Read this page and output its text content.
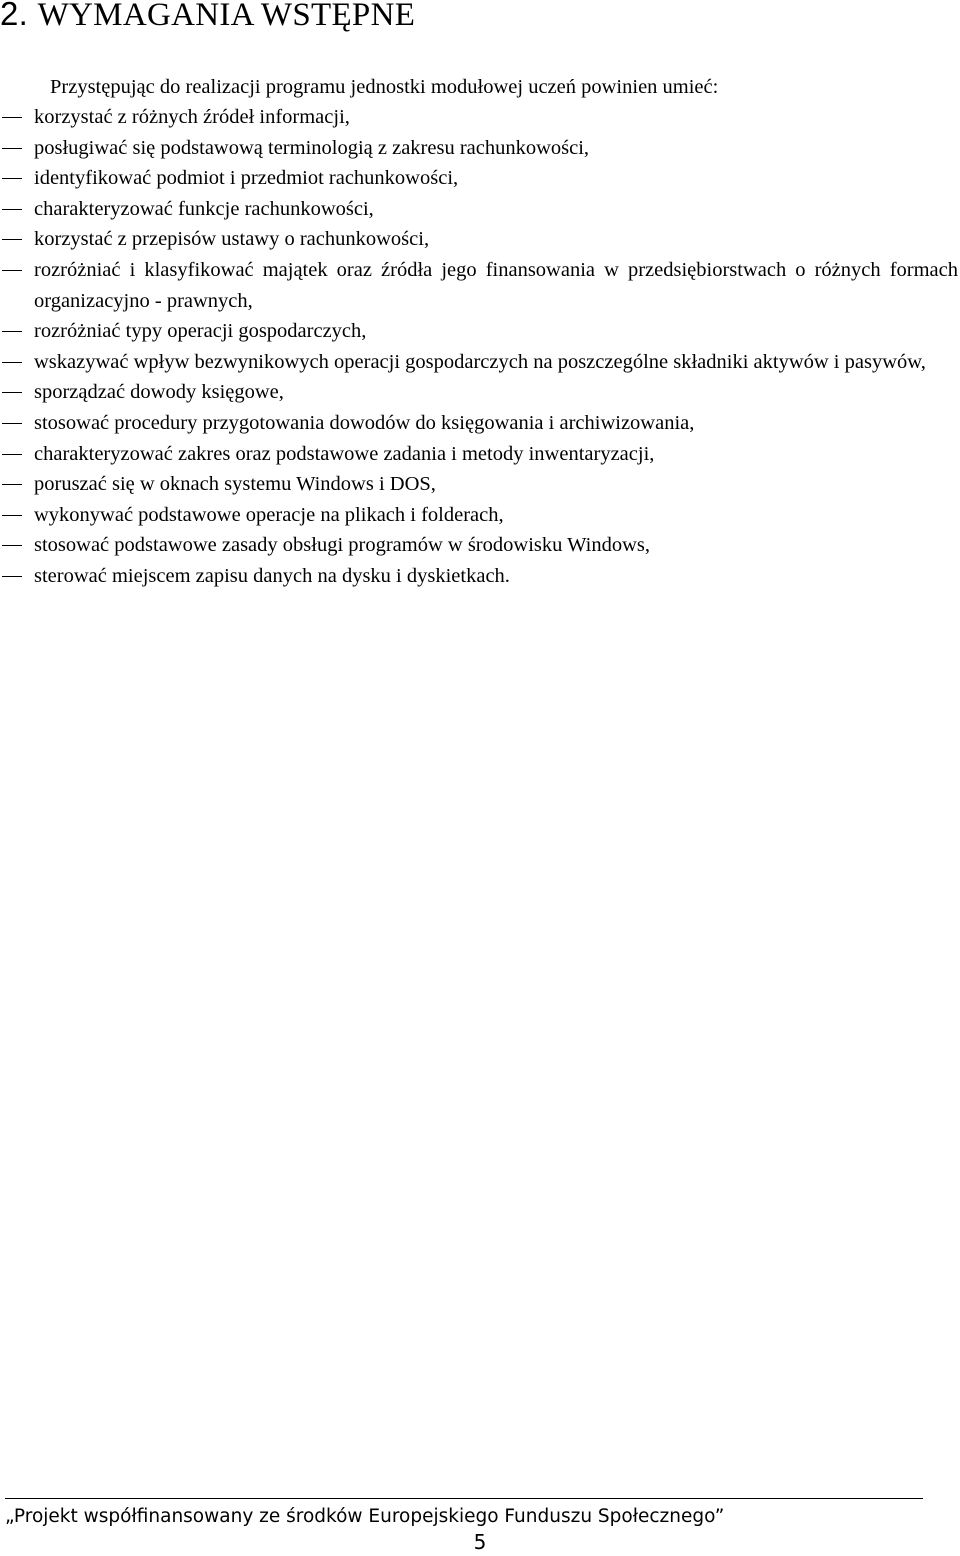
2. WYMAGANIA WSTĘPNE

Przystępując do realizacji programu jednostki modułowej uczeń powinien umieć:

korzystać z różnych źródeł informacji,
posługiwać się podstawową terminologią z zakresu rachunkowości,
identyfikować podmiot i przedmiot rachunkowości,
charakteryzować funkcje rachunkowości,
korzystać z przepisów ustawy o rachunkowości,
rozróżniać i klasyfikować majątek oraz źródła jego finansowania w przedsiębiorstwach o różnych formach organizacyjno - prawnych,
rozróżniać typy operacji gospodarczych,
wskazywać wpływ bezwynikowych operacji gospodarczych na poszczególne składniki aktywów i pasywów,
sporządzać dowody księgowe,
stosować procedury przygotowania dowodów do księgowania i archiwizowania,
charakteryzować zakres oraz podstawowe zadania i metody inwentaryzacji,
poruszać się w oknach systemu Windows i DOS,
wykonywać podstawowe operacje na plikach i folderach,
stosować podstawowe zasady obsługi programów w środowisku Windows,
sterować miejscem zapisu danych na dysku i dyskietkach.

„Projekt współfinansowany ze środków Europejskiego Funduszu Społecznego”

5
